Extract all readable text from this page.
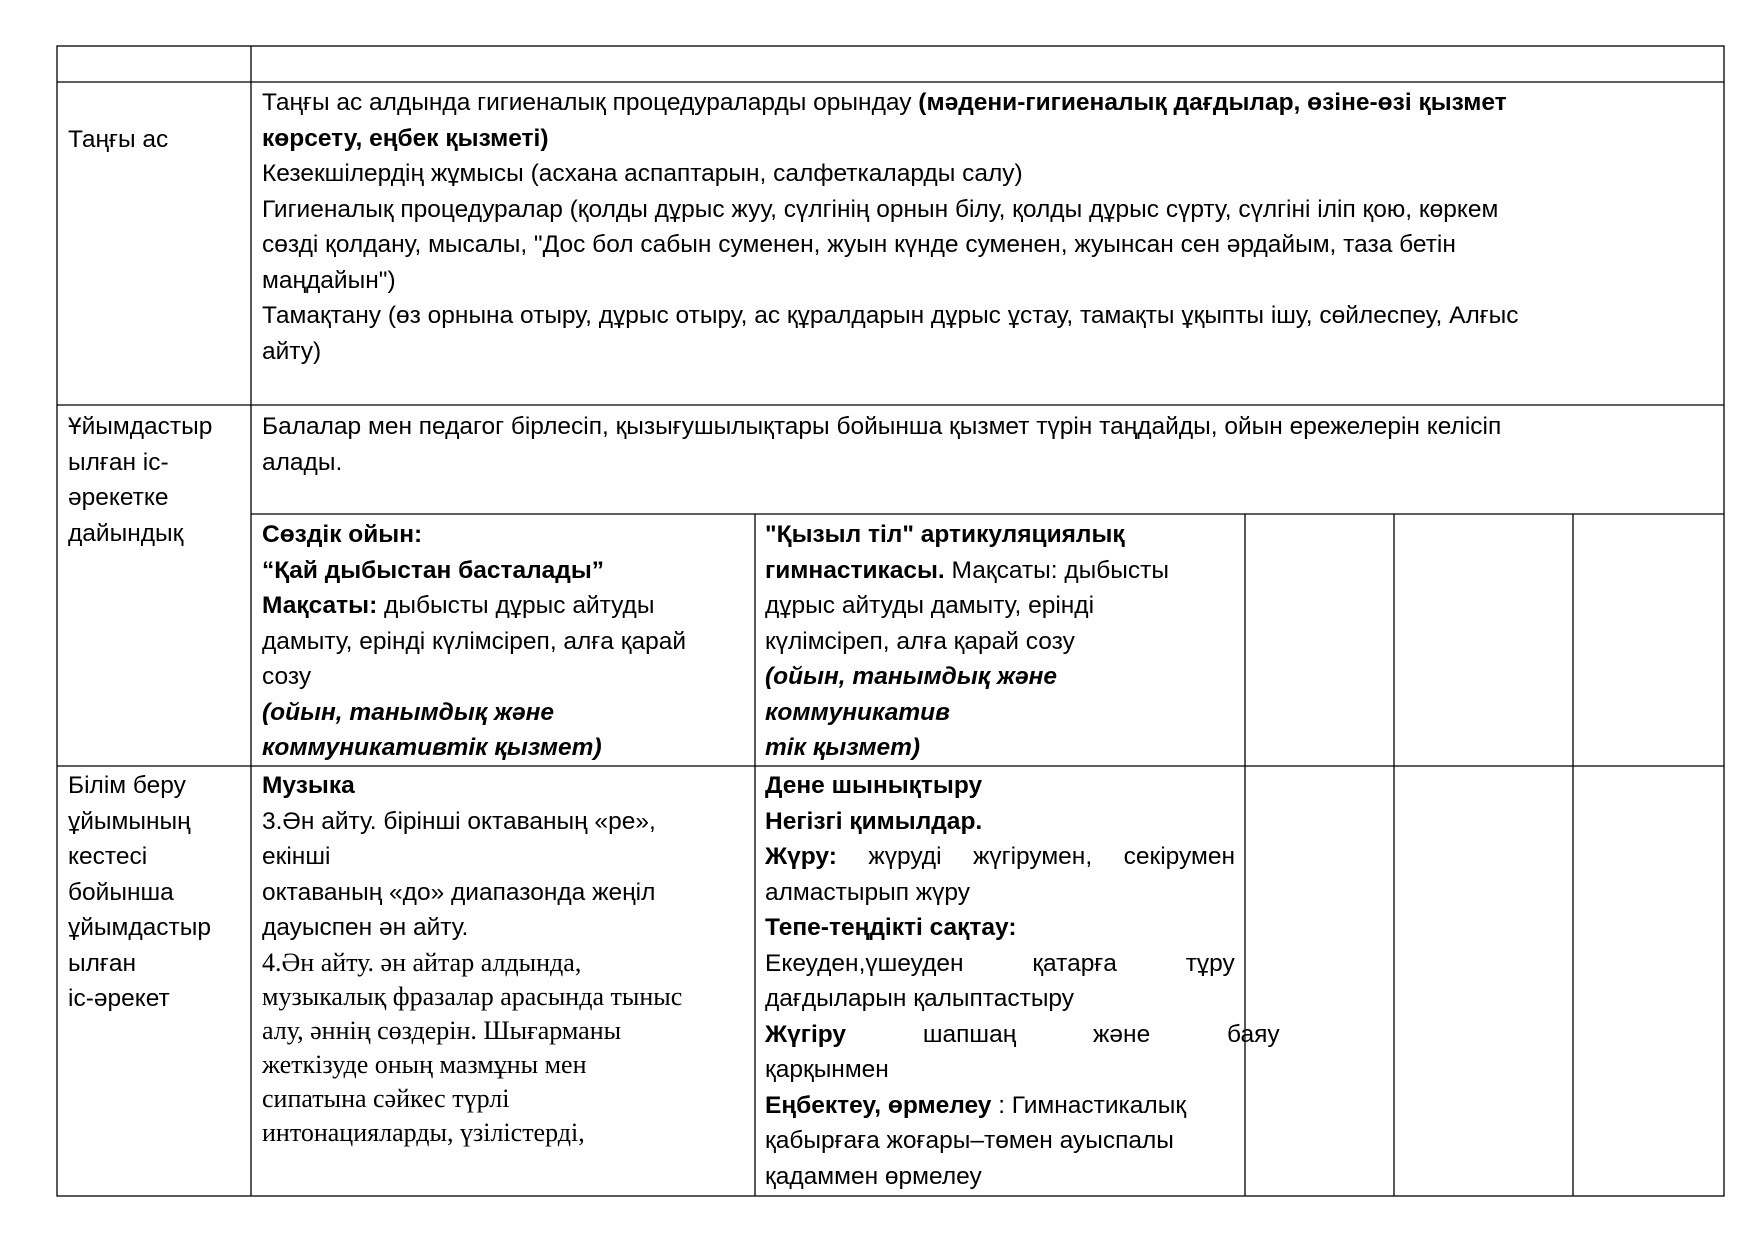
Таңғы ас
Таңғы ас алдында гигиеналық процедураларды орындау (мәдени-гигиеналық дағдылар, өзіне-өзі қызмет
көрсету, еңбек қызметі)
Кезекшілердің жұмысы (асхана аспаптарын, салфеткаларды салу)
Гигиеналық процедуралар (қолды дұрыс жуу, сүлгінің орнын білу, қолды дұрыс сүрту, сүлгіні іліп қою, көркем
сөзді қолдану, мысалы, "Дос бол сабын суменен, жуын күнде суменен, жуынсан сен әрдайым, таза бетін
маңдайын")
Тамақтану (өз орнына отыру, дұрыс отыру, ас құралдарын дұрыс ұстау, тамақты ұқыпты ішу, сөйлеспеу, Алғыс
айту)
Ұйымдастыр
ылған іс-
әрекетке
дайындық
Балалар мен педагог бірлесіп, қызығушылықтары бойынша қызмет түрін таңдайды, ойын ережелерін келісіп
алады.
Сөздік ойын:
“Қай дыбыстан басталады”
Мақсаты: дыбысты дұрыс айтуды
дамыту, ерінді күлімсіреп, алға қарай
созу
(ойын, танымдық және
коммуникативтік қызмет)
"Қызыл тіл" артикуляциялық
гимнастикасы. Мақсаты: дыбысты
дұрыс айтуды дамыту, ерінді
күлімсіреп, алға қарай созу
(ойын, танымдық және
коммуникатив
тік қызмет)
Білім беру
ұйымының
кестесі
бойынша
ұйымдастыр
ылған
іс-әрекет
Музыка
3.Ән айту. бірінші октаваның «ре»,
екінші
октаваның «до» диапазонда жеңіл
дауыспен ән айту.
4.Ән айту. ән айтар алдында,
музыкалық фразалар арасында тыныс
алу, әннің сөздерін. Шығарманы
жеткізуде оның мазмұны мен
сипатына сәйкес түрлі
интонацияларды, үзілістерді,
Дене шынықтыру
Негізгі қимылдар.
Жүру: жүруді жүгірумен, секірумен
алмастырып жүру
Тепе-теңдікті сақтау:
Екеуден,үшеуден қатарға тұру
дағдыларын қалыптастыру
Жүгіру шапшаң және баяу
қарқынмен
Еңбектеу, өрмелеу : Гимнастикалық
қабырғаға жоғары–төмен ауыспалы
қадаммен өрмелеу
